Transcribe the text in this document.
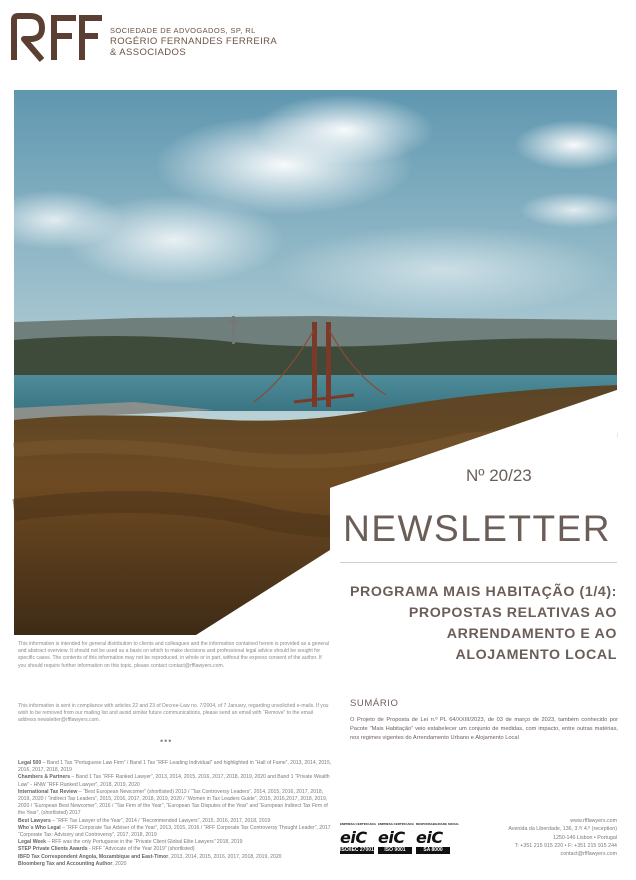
SOCIEDADE DE ADVOGADOS, SP, RL
ROGÉRIO FERNANDES FERREIRA
& ASSOCIADOS
Nº 20/23
NEWSLETTER
PROGRAMA MAIS HABITAÇÃO (1/4):
PROPOSTAS RELATIVAS AO
ARRENDAMENTO E AO
ALOJAMENTO LOCAL
This information is intended for general distribution to clients and colleagues and the information contained herein is provided as a general and abstract overview. It should not be used as a basis on which to make decisions and professional legal advice should be sought for specific cases. The contents of this information may not be reproduced, in whole or in part, without the express consent of the author. If you should require further information on this topic, please contact contact@rfflawyers.com.
This information is sent in compliance with articles 22 and 23 of Decree-Law no. 7/2004, of 7 January, regarding unsolicited e-mails. If you wish to be removed from our mailing list and avoid similar future communications, please send an email with “Remove” to the email address newsletter@rfflawyers.com.
•••
Legal 500 – Band 1 Tax “Portuguese Law Firm” / Band 1 Tax “RFF Leading Individual” and highlighted in “Hall of Fame”, 2013, 2014, 2015, 2016, 2017, 2018, 2019
Chambers & Partners – Band 1 Tax “RFF Ranked Lawyer”, 2013, 2014, 2015, 2016, 2017, 2018, 2019, 2020 and Band 1 “Private Wealth Law” - HNW “RFF Ranked Lawyer”, 2018, 2019, 2020
International Tax Review – “Best European Newcomer” (shortlisted) 2013 / “Tax Controversy Leaders”, 2014, 2015, 2016, 2017, 2018, 2019, 2020 / “Indirect Tax Leaders”, 2015, 2016, 2017, 2018, 2019, 2020 / “Women in Tax Leaders Guide”, 2015, 2016,2017, 2018, 2019, 2020 / “European Best Newcomer”, 2016 / “Tax Firm of the Year”, “European Tax Disputes of the Year” and “European Indirect Tax Firm of the Year”, (shortlisted) 2017
Best Lawyers – “RFF Tax Lawyer of the Year”, 2014 / “Recommended Lawyers”, 2015, 2016, 2017, 2018, 2019
Who´s Who Legal – “RFF Corporate Tax Adviser of the Year”, 2013, 2015, 2016 / “RFF Corporate Tax Controversy Thought Leader”, 2017 “Corporate Tax: Advisory and Controversy”, 2017, 2018, 2019
Legal Week – RFF was the only Portuguese in the “Private Client Global Elite Lawyers” 2018, 2019
STEP Private Clients Awards - RFF “Advocate of the Year 2019” (shortlisted)
IBFD Tax Correspondent Angola, Mozambique and East-Timor, 2013, 2014, 2015, 2016, 2017, 2018, 2019, 2020
Bloomberg Tax and Accounting Author, 2020
SUMÁRIO
O Projeto de Proposta de Lei n.º PL 64/XXIII/2023, de 03 de março de 2023, também conhecido por Pacote “Mais Habitação” veio estabelecer um conjunto de medidas, com impacto, entre outras matérias, nos regimes vigentes do Arrendamento Urbano e Alojamento Local
EMPRESA CERTIFICADA
eiC
ISO/IEC 27001
EMPRESA CERTIFICADA
eiC
ISO 9001
RESPONSABILIDADE SOCIAL
eiC
SA 8000
www.rfflawyers.com
Avenida da Liberdade, 136, 3.º/ 4.º (reception)
1250-146 Lisbon • Portugal
T: +351 215 915 220 • F: +351 215 915 244
contact@rfflawyers.com
